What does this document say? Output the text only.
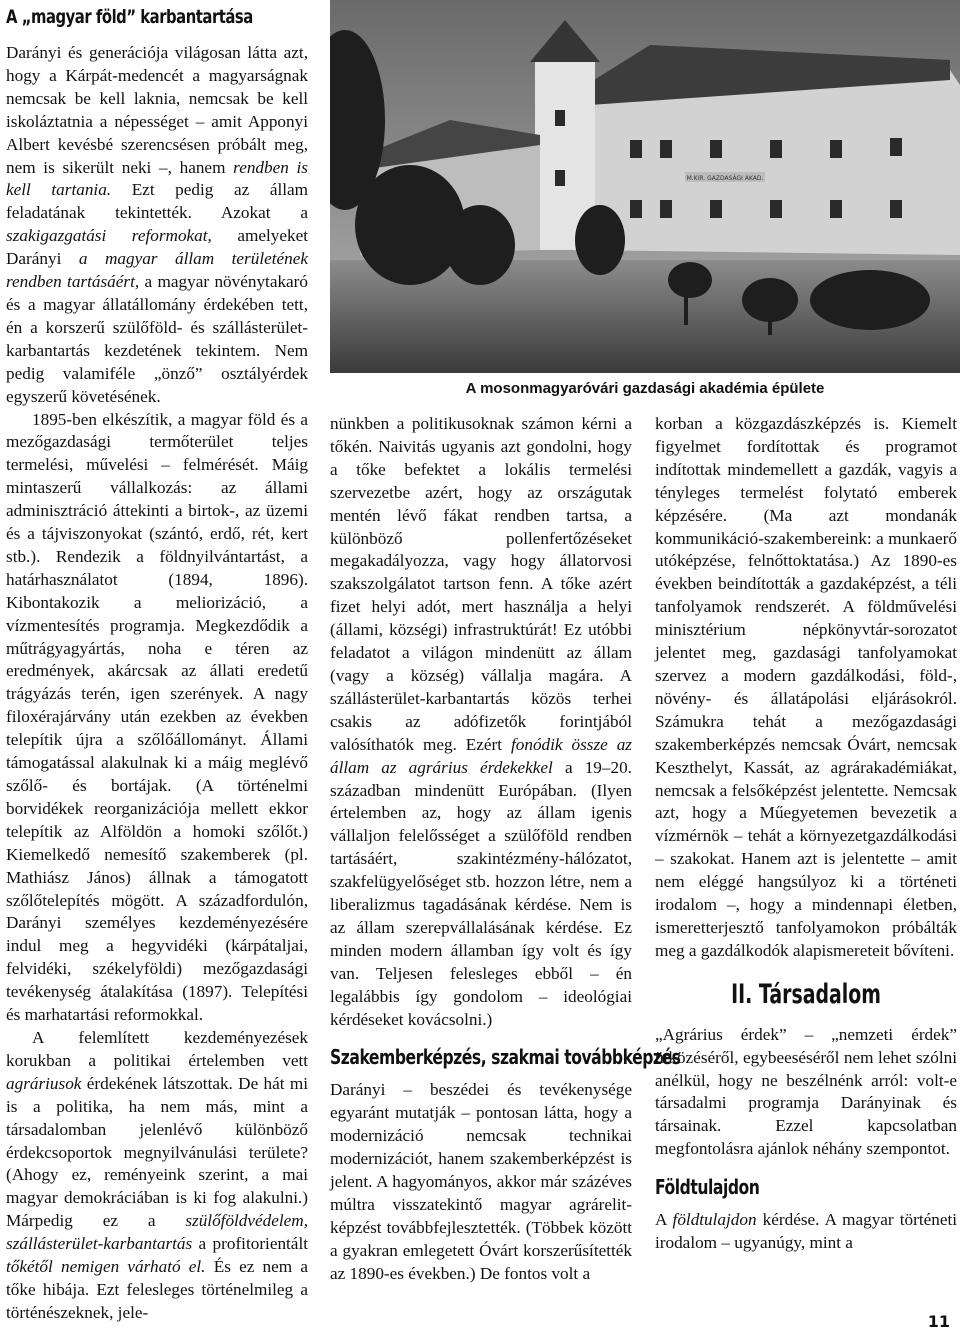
A „magyar föld” karbantartása

Darányi és generációja világosan látta azt, hogy a Kárpát-medencét a magyarságnak nemcsak be kell laknia, nemcsak be kell iskoláztatnia a népességet – amit Apponyi Albert kevésbé szerencsésen próbált meg, nem is sikerült neki –, hanem rendben is kell tartania. Ezt pedig az állam feladatának tekintették. Azokat a szakigazgatási reformokat, amelyeket Darányi a magyar állam területének rendben tartásáért, a magyar növénytakaró és a magyar állatállomány érdekében tett, én a korszerű szülőföld- és szállásterület-karbantartás kezdetének tekintem. Nem pedig valamiféle „önző” osztályérdek egyszerű követésének.

1895-ben elkészítik, a magyar föld és a mezőgazdasági termőterület teljes termelési, művelési – felmérését. Máig mintaszerű vállalkozás: az állami adminisztráció áttekinti a birtok-, az üzemi és a tájviszonyokat (szántó, erdő, rét, kert stb.). Rendezik a földnyilvántartást, a határhasználatot (1894, 1896). Kibontakozik a meliorizáció, a vízmentesítés programja. Megkezdődik a műtrágyagyártás, noha e téren az eredmények, akárcsak az állati eredetű trágyázás terén, igen szerények. A nagy filoxérajárvány után ezekben az években telepítik újra a szőlőállományt. Állami támogatással alakulnak ki a máig meglévő szőlő- és bortájak. (A történelmi borvidékek reorganizációja mellett ekkor telepítik az Alföldön a homoki szőlőt.) Kiemelkedő nemesítő szakemberek (pl. Mathiász János) állnak a támogatott szőlőtelepítés mögött. A századfordulón, Darányi személyes kezdeményezésére indul meg a hegyvidéki (kárpátaljai, felvidéki, székelyföldi) mezőgazdasági tevékenység átalakítása (1897). Telepítési és marhatartási reformokkal.

A felemlített kezdeményezések korukban a politikai értelemben vett agráriusok érdekének látszottak. De hát mi is a politika, ha nem más, mint a társadalomban jelenlévő különböző érdekcsoportok megnyilvánulási területe? (Ahogy ez, reményeink szerint, a mai magyar demokráciában is ki fog alakulni.) Márpedig ez a szülőföldvédelem, szállásterület-karbantartás a profitorientált tőkétől nemigen várható el. És ez nem a tőke hibája. Ezt felesleges történelmileg a történészeknek, jele-

M.KIR. GAZDASÁGI AKAD.
A mosonmagyaróvári gazdasági akadémia épülete

nünkben a politikusoknak számon kérni a tőkén. Naivitás ugyanis azt gondolni, hogy a tőke befektet a lokális termelési szervezetbe azért, hogy az országutak mentén lévő fákat rendben tartsa, a különböző pollenfertőzéseket megakadályozza, vagy hogy állatorvosi szakszolgálatot tartson fenn. A tőke azért fizet helyi adót, mert használja a helyi (állami, községi) infrastruktúrát! Ez utóbbi feladatot a világon mindenütt az állam (vagy a község) vállalja magára. A szállásterület-karbantartás közös terhei csakis az adófizetők forintjából valósíthatók meg. Ezért fonódik össze az állam az agrárius érdekekkel a 19–20. században mindenütt Európában. (Ilyen értelemben az, hogy az állam igenis vállaljon felelősséget a szülőföld rendben tartásáért, szakintézmény-hálózatot, szakfelügyelőséget stb. hozzon létre, nem a liberalizmus tagadásának kérdése. Nem is az állam szerepvállalásának kérdése. Ez minden modern államban így volt és így van. Teljesen felesleges ebből – én legalábbis így gondolom – ideológiai kérdéseket kovácsolni.)

Szakemberképzés, szakmai továbbképzés

Darányi – beszédei és tevékenysége egyaránt mutatják – pontosan látta, hogy a modernizáció nemcsak technikai modernizációt, hanem szakemberképzést is jelent. A hagyományos, akkor már százéves múltra visszatekintő magyar agrárelit-képzést továbbfejlesztették. (Többek között a gyakran emlegetett Óvárt korszerűsítették az 1890-es években.) De fontos volt a

korban a közgazdászképzés is. Kiemelt figyelmet fordítottak és programot indítottak mindemellett a gazdák, vagyis a tényleges termelést folytató emberek képzésére. (Ma azt mondanák kommunikáció-szakembereink: a munkaerő utóképzése, felnőttoktatása.) Az 1890-es években beindították a gazdaképzést, a téli tanfolyamok rendszerét. A földművelési minisztérium népkönyvtár-sorozatot jelentet meg, gazdasági tanfolyamokat szervez a modern gazdálkodási, föld-, növény- és állatápolási eljárásokról. Számukra tehát a mezőgazdasági szakemberképzés nemcsak Óvárt, nemcsak Keszthelyt, Kassát, az agrárakadémiákat, nemcsak a felsőképzést jelentette. Nemcsak azt, hogy a Műegyetemen bevezetik a vízmérnök – tehát a környezetgazdálkodási – szakokat. Hanem azt is jelentette – amit nem eléggé hangsúlyoz ki a történeti irodalom –, hogy a mindennapi életben, ismeretterjesztő tanfolyamokon próbálták meg a gazdálkodók alapismereteit bővíteni.

II. Társadalom

„Agrárius érdek” – „nemzeti érdek” ütközéséről, egybeeséséről nem lehet szólni anélkül, hogy ne beszélnénk arról: volt-e társadalmi programja Darányinak és társainak. Ezzel kapcsolatban megfontolásra ajánlok néhány szempontot.

Földtulajdon

A földtulajdon kérdése. A magyar történeti irodalom – ugyanúgy, mint a

11
